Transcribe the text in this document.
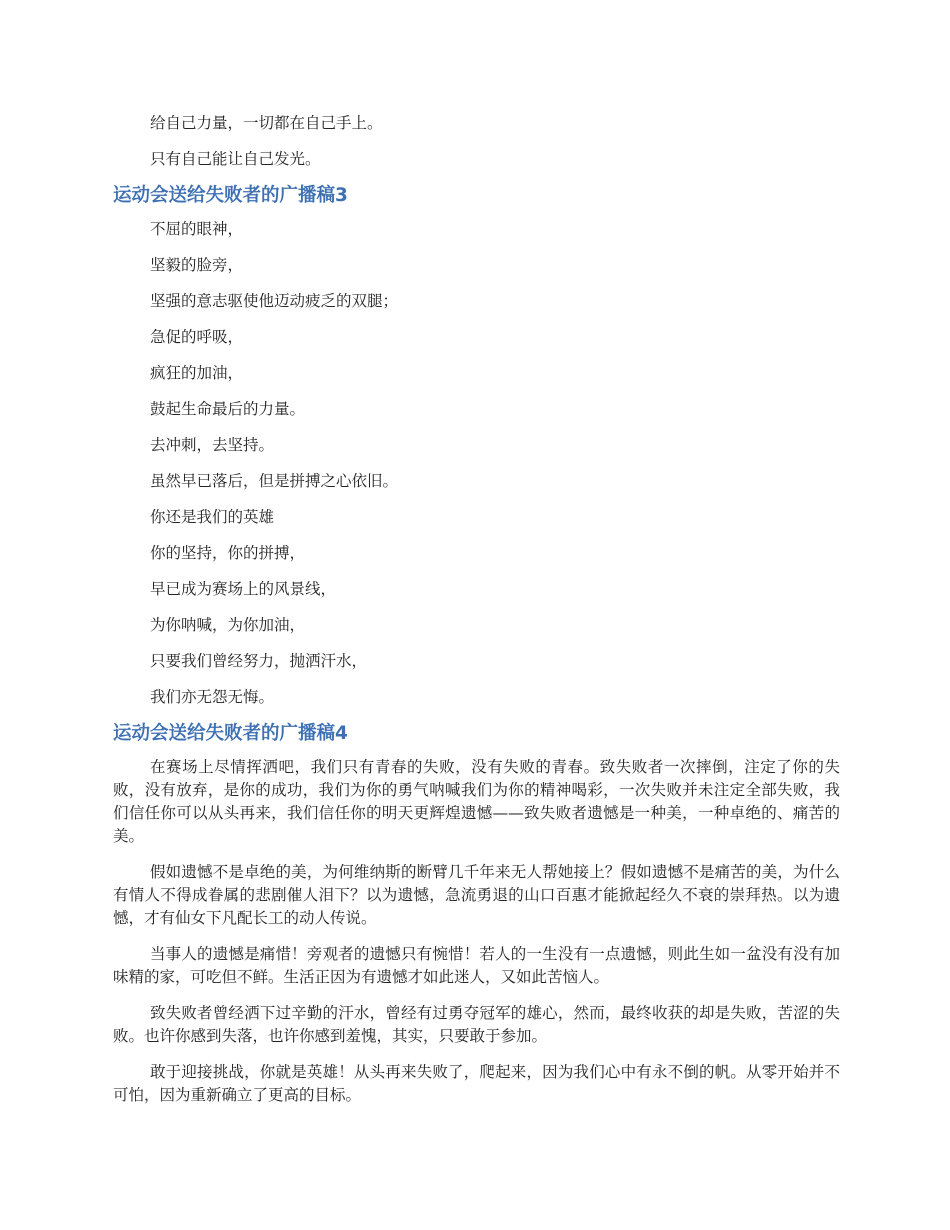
给自己力量，一切都在自己手上。

只有自己能让自己发光。

运动会送给失败者的广播稿3

不屈的眼神，

坚毅的脸旁，

坚强的意志驱使他迈动疲乏的双腿；

急促的呼吸，

疯狂的加油，

鼓起生命最后的力量。

去冲刺，去坚持。

虽然早已落后，但是拼搏之心依旧。

你还是我们的英雄

你的坚持，你的拼搏，

早已成为赛场上的风景线，

为你呐喊，为你加油，

只要我们曾经努力，抛洒汗水，

我们亦无怨无悔。

运动会送给失败者的广播稿4

在赛场上尽情挥洒吧，我们只有青春的失败，没有失败的青春。致失败者一次摔倒，注定了你的失败，没有放弃，是你的成功，我们为你的勇气呐喊我们为你的精神喝彩，一次失败并未注定全部失败，我们信任你可以从头再来，我们信任你的明天更辉煌遗憾——致失败者遗憾是一种美，一种卓绝的、痛苦的美。

假如遗憾不是卓绝的美，为何维纳斯的断臂几千年来无人帮她接上？假如遗憾不是痛苦的美，为什么有情人不得成眷属的悲剧催人泪下？以为遗憾，急流勇退的山口百惠才能掀起经久不衰的崇拜热。以为遗憾，才有仙女下凡配长工的动人传说。

当事人的遗憾是痛惜！旁观者的遗憾只有惋惜！若人的一生没有一点遗憾，则此生如一盆没有没有加味精的家，可吃但不鲜。生活正因为有遗憾才如此迷人，又如此苦恼人。

致失败者曾经洒下过辛勤的汗水，曾经有过勇夺冠军的雄心，然而，最终收获的却是失败，苦涩的失败。也许你感到失落，也许你感到羞愧，其实，只要敢于参加。

敢于迎接挑战，你就是英雄！从头再来失败了，爬起来，因为我们心中有永不倒的帆。从零开始并不可怕，因为重新确立了更高的目标。
